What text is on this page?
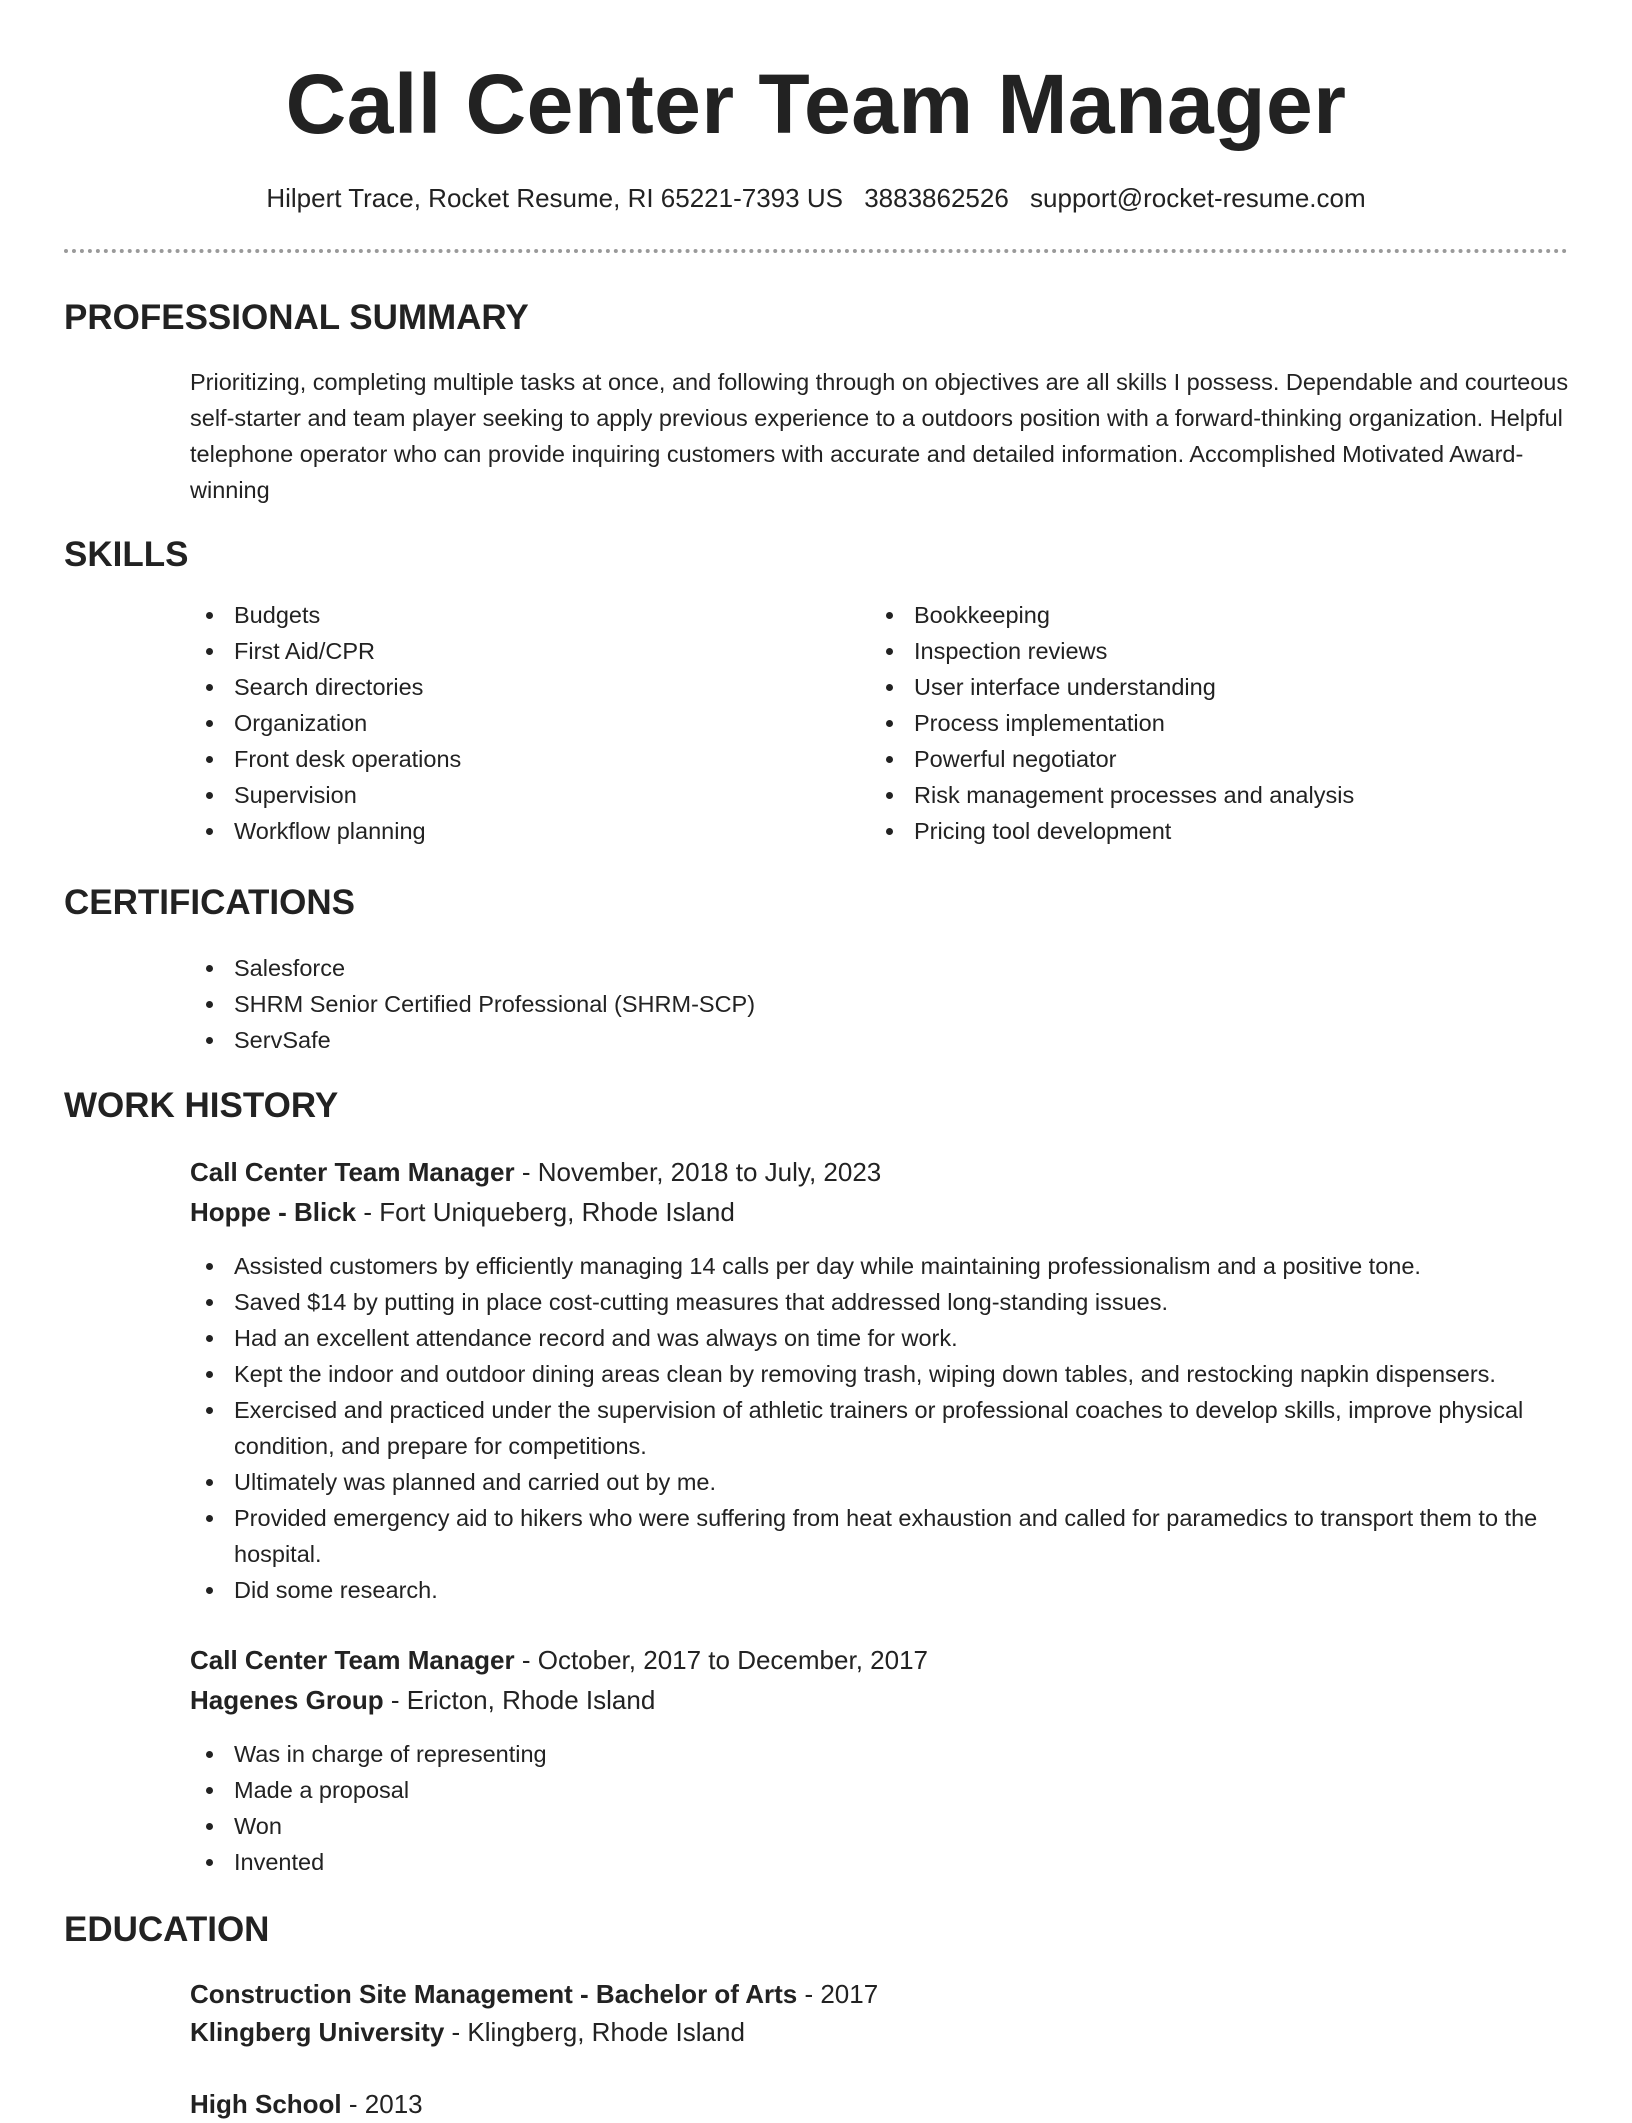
Call Center Team Manager
Hilpert Trace, Rocket Resume, RI 65221-7393 US 3883862526 support@rocket-resume.com
PROFESSIONAL SUMMARY
Prioritizing, completing multiple tasks at once, and following through on objectives are all skills I possess. Dependable and courteous self-starter and team player seeking to apply previous experience to a outdoors position with a forward-thinking organization. Helpful telephone operator who can provide inquiring customers with accurate and detailed information. Accomplished Motivated Award-winning
SKILLS
Budgets
First Aid/CPR
Search directories
Organization
Front desk operations
Supervision
Workflow planning
Bookkeeping
Inspection reviews
User interface understanding
Process implementation
Powerful negotiator
Risk management processes and analysis
Pricing tool development
CERTIFICATIONS
Salesforce
SHRM Senior Certified Professional (SHRM-SCP)
ServSafe
WORK HISTORY
Call Center Team Manager - November, 2018 to July, 2023
Hoppe - Blick - Fort Uniqueberg, Rhode Island
Assisted customers by efficiently managing 14 calls per day while maintaining professionalism and a positive tone.
Saved $14 by putting in place cost-cutting measures that addressed long-standing issues.
Had an excellent attendance record and was always on time for work.
Kept the indoor and outdoor dining areas clean by removing trash, wiping down tables, and restocking napkin dispensers.
Exercised and practiced under the supervision of athletic trainers or professional coaches to develop skills, improve physical condition, and prepare for competitions.
Ultimately was planned and carried out by me.
Provided emergency aid to hikers who were suffering from heat exhaustion and called for paramedics to transport them to the hospital.
Did some research.
Call Center Team Manager - October, 2017 to December, 2017
Hagenes Group - Ericton, Rhode Island
Was in charge of representing
Made a proposal
Won
Invented
EDUCATION
Construction Site Management - Bachelor of Arts - 2017
Klingberg University - Klingberg, Rhode Island
High School - 2013
